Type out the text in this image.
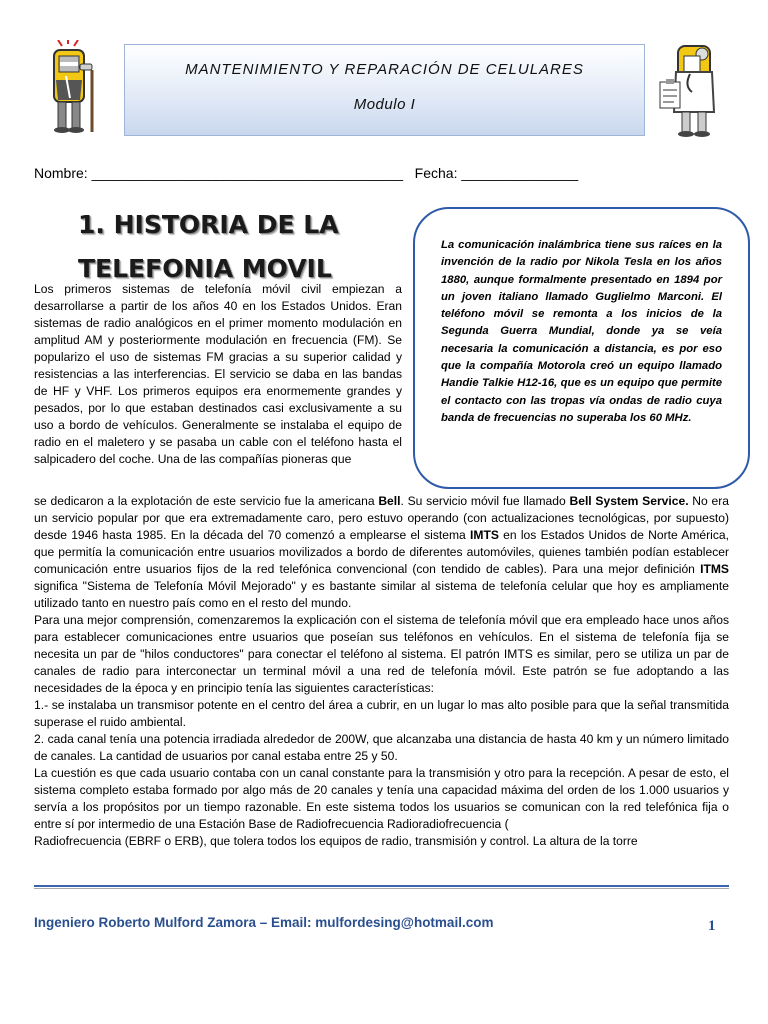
MANTENIMIENTO Y REPARACIÓN DE CELULARES
Modulo I
Nombre: ________________________________________   Fecha: _______________
1. HISTORIA DE LA
TELEFONIA MOVIL
La comunicación inalámbrica tiene sus raíces en la invención de la radio por Nikola Tesla en los años 1880, aunque formalmente presentado en 1894 por un joven italiano llamado Guglielmo Marconi. El teléfono móvil se remonta a los inicios de la Segunda Guerra Mundial, donde ya se veía necesaria la comunicación a distancia, es por eso que la compañía Motorola creó un equipo llamado Handie Talkie H12-16, que es un equipo que permite el contacto con las tropas vía ondas de radio cuya banda de frecuencias no superaba los 60 MHz.

Los primeros sistemas de telefonía móvil civil empiezan a desarrollarse a partir de los años 40 en los Estados Unidos. Eran sistemas de radio analógicos en el primer momento modulación en amplitud AM y posteriormente modulación en frecuencia (FM). Se popularizo el uso de sistemas FM gracias a su superior calidad y resistencias a las interferencias. El servicio se daba en las bandas de HF y VHF. Los primeros equipos era enormemente grandes y pesados, por lo que estaban destinados casi exclusivamente a su uso a bordo de vehículos. Generalmente se instalaba el equipo de radio en el maletero y se pasaba un cable con el teléfono hasta el salpicadero del coche. Una de las compañías pioneras que

se dedicaron a la explotación de este servicio fue la americana Bell. Su servicio móvil fue llamado Bell System Service. No era un servicio popular por que era extremadamente caro, pero estuvo operando (con actualizaciones tecnológicas, por supuesto) desde 1946 hasta 1985. En la década del 70 comenzó a emplearse el sistema IMTS en los Estados Unidos de Norte América, que permitía la comunicación entre usuarios movilizados a bordo de diferentes automóviles, quienes también podían establecer comunicación entre usuarios fijos de la red telefónica convencional (con tendido de cables). Para una mejor definición ITMS significa "Sistema de Telefonía Móvil Mejorado" y es bastante similar al sistema de telefonía celular que hoy es ampliamente utilizado tanto en nuestro país como en el resto del mundo.

Para una mejor comprensión, comenzaremos la explicación con el sistema de telefonía móvil que era empleado hace unos años para establecer comunicaciones entre usuarios que poseían sus teléfonos en vehículos. En el sistema de telefonía fija se necesita un par de "hilos conductores" para conectar el teléfono al sistema. El patrón IMTS es similar, pero se utiliza un par de canales de radio para interconectar un terminal móvil a una red de telefonía móvil. Este patrón se fue adoptando a las necesidades de la época y en principio tenía las siguientes características:

1.- se instalaba un transmisor potente en el centro del área a cubrir, en un lugar lo mas alto posible para que la señal transmitida superase el ruido ambiental.

2. cada canal tenía una potencia irradiada alrededor de 200W, que alcanzaba una distancia de hasta 40 km y un número limitado de canales. La cantidad de usuarios por canal estaba entre 25 y 50.

La cuestión es que cada usuario contaba con un canal constante para la transmisión y otro para la recepción. A pesar de esto, el sistema completo estaba formado por algo más de 20 canales y tenía una capacidad máxima del orden de los 1.000 usuarios y servía a los propósitos por un tiempo razonable. En este sistema todos los usuarios se comunican con la red telefónica fija o entre sí por intermedio de una Estación Base de Radiofrecuencia Radioradiofrecuencia (

Radiofrecuencia (EBRF o ERB), que tolera todos los equipos de radio, transmisión y control. La altura de la torre

Ingeniero Roberto Mulford Zamora – Email: mulfordesing@hotmail.com	1
